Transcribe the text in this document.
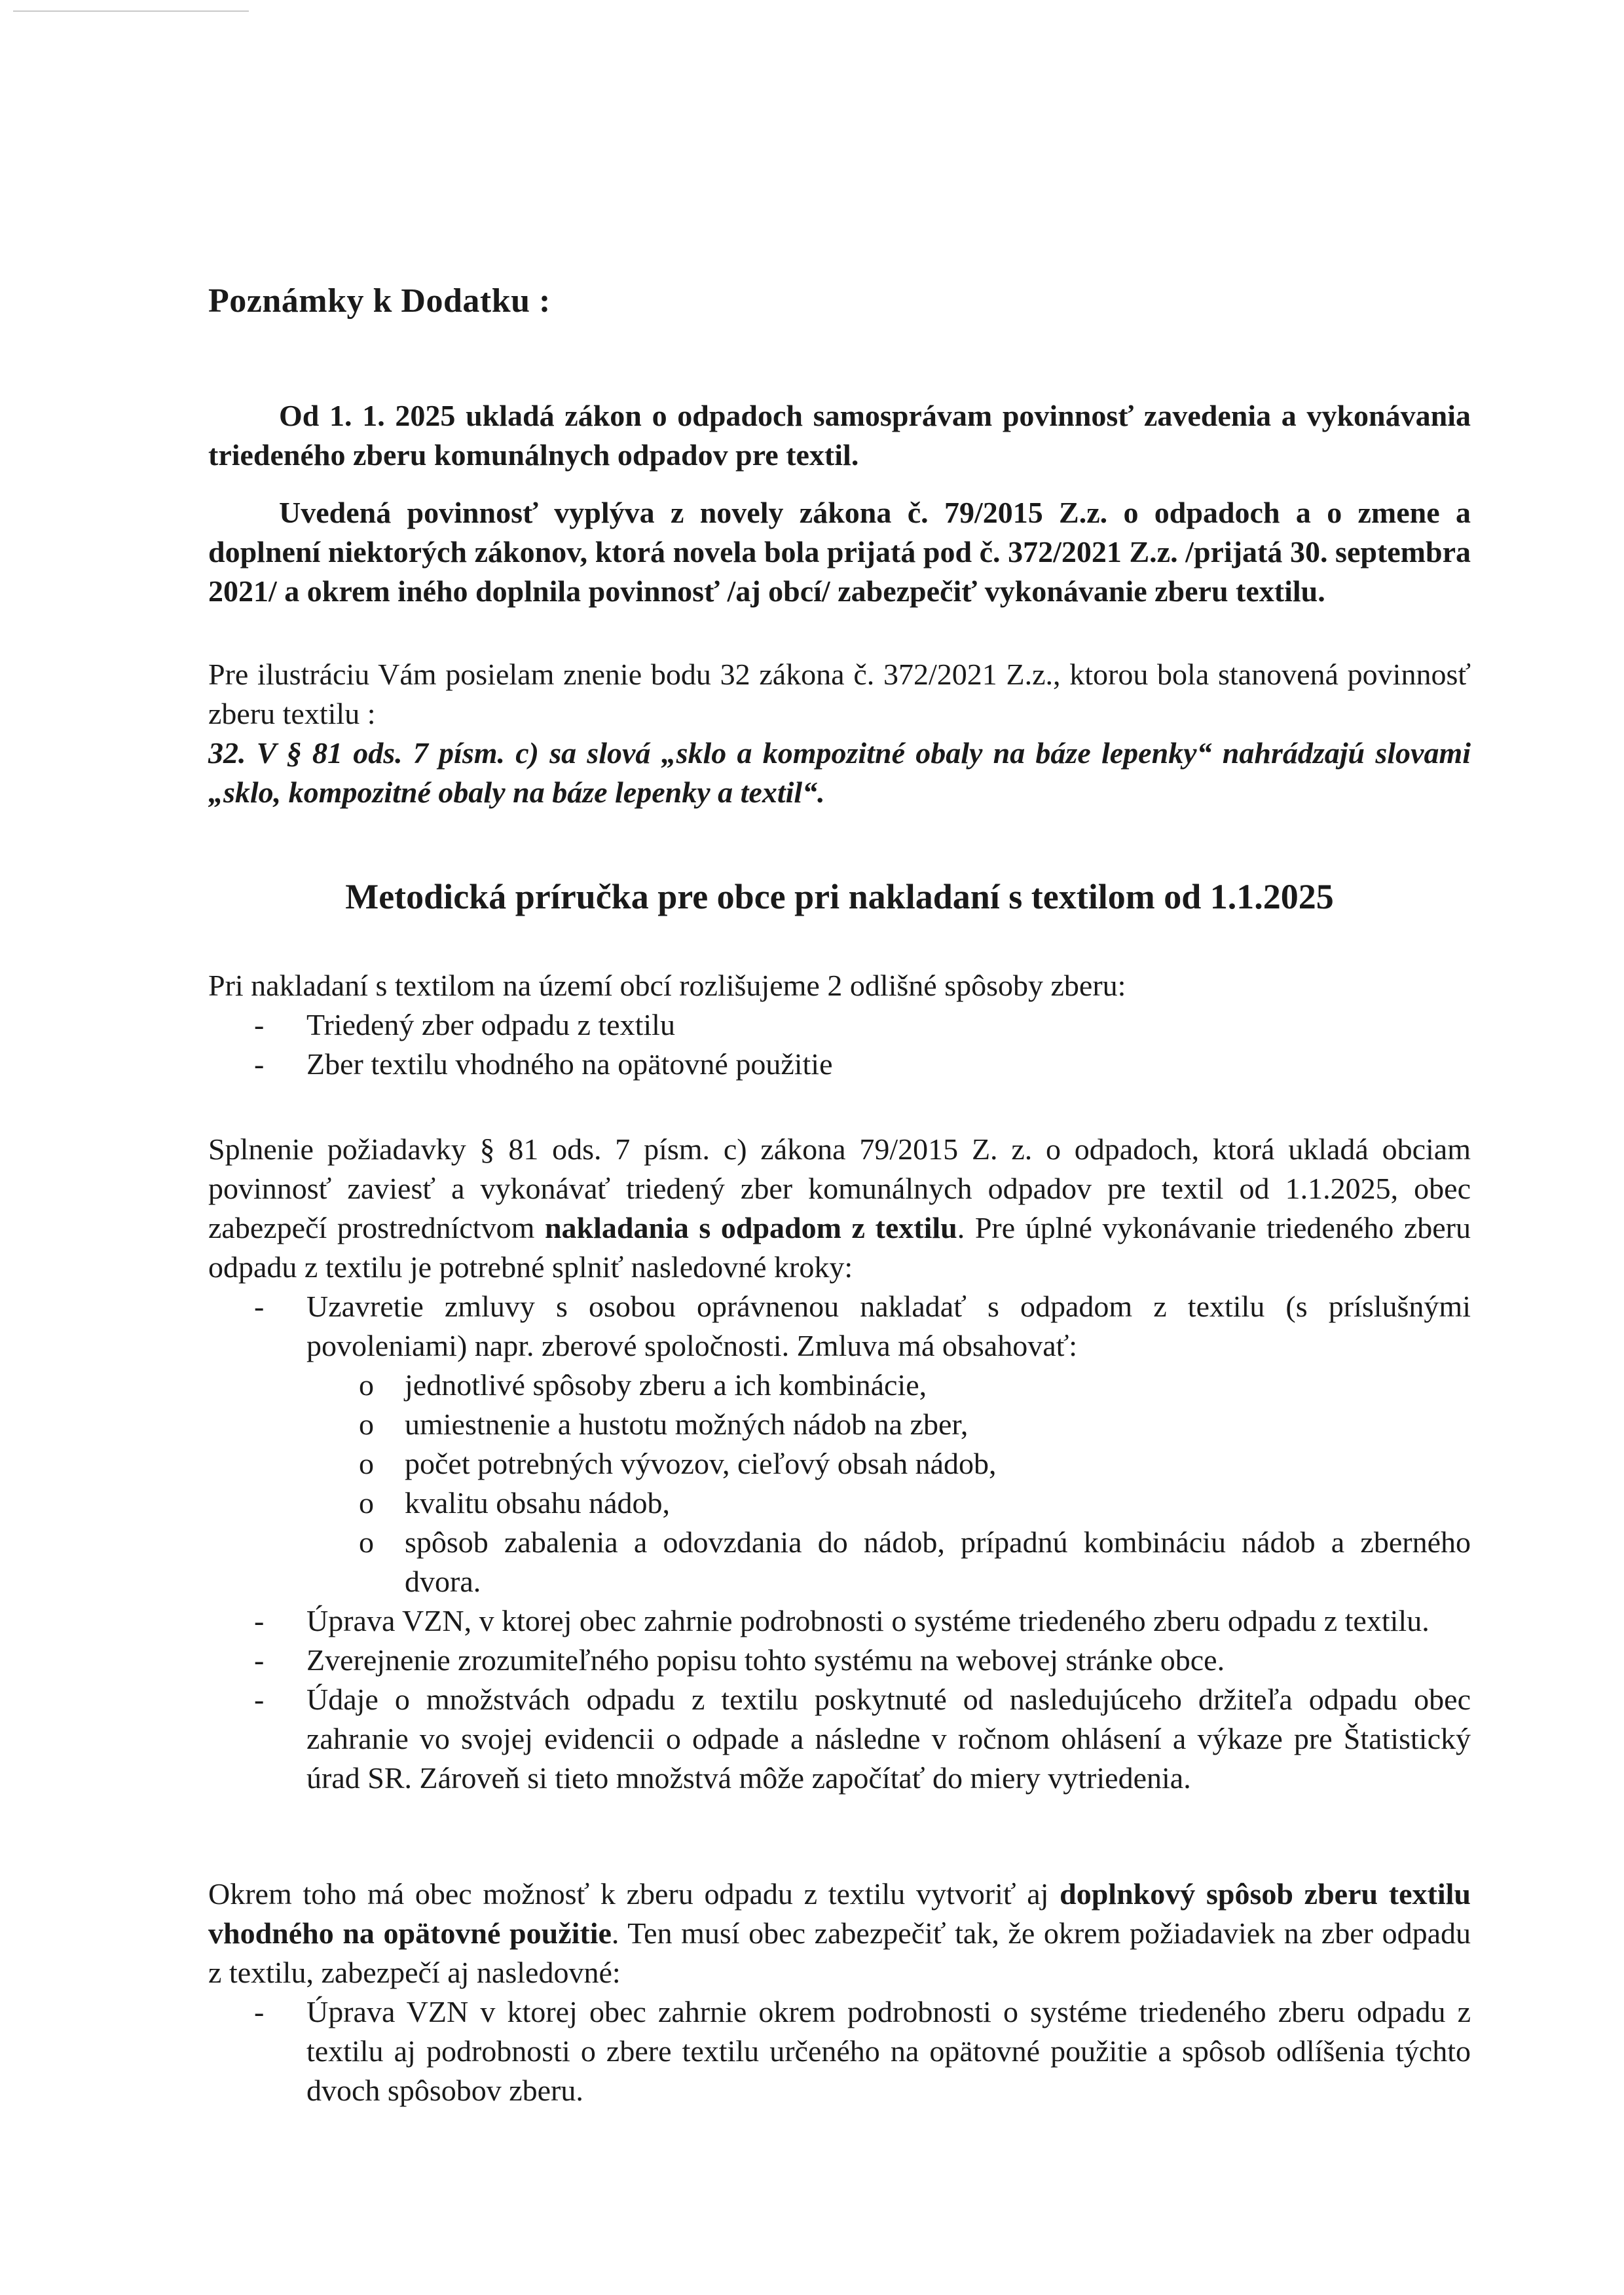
Poznámky k Dodatku :

Od 1. 1. 2025 ukladá zákon o odpadoch samosprávam povinnosť zavedenia a vykonávania triedeného zberu komunálnych odpadov pre textil.

Uvedená povinnosť vyplýva z novely zákona č. 79/2015 Z.z. o odpadoch a o zmene a doplnení niektorých zákonov, ktorá novela bola prijatá pod č. 372/2021 Z.z. /prijatá 30. septembra 2021/ a okrem iného doplnila povinnosť /aj obcí/ zabezpečiť vykonávanie zberu textilu.

Pre ilustráciu Vám posielam znenie bodu 32 zákona č. 372/2021 Z.z., ktorou bola stanovená povinnosť zberu textilu :

32. V § 81 ods. 7 písm. c) sa slová „sklo a kompozitné obaly na báze lepenky“ nahrádzajú slovami „sklo, kompozitné obaly na báze lepenky a textil“.

Metodická príručka pre obce pri nakladaní s textilom od 1.1.2025

Pri nakladaní s textilom na území obcí rozlišujeme 2 odlišné spôsoby zberu:

- Triedený zber odpadu z textilu
- Zber textilu vhodného na opätovné použitie

Splnenie požiadavky § 81 ods. 7 písm. c) zákona 79/2015 Z. z. o odpadoch, ktorá ukladá obciam povinnosť zaviesť a vykonávať triedený zber komunálnych odpadov pre textil od 1.1.2025, obec zabezpečí prostredníctvom nakladania s odpadom z textilu. Pre úplné vykonávanie triedeného zberu odpadu z textilu je potrebné splniť nasledovné kroky:

- Uzavretie zmluvy s osobou oprávnenou nakladať s odpadom z textilu (s príslušnými povoleniami) napr. zberové spoločnosti. Zmluva má obsahovať:
o jednotlivé spôsoby zberu a ich kombinácie,
o umiestnenie a hustotu možných nádob na zber,
o počet potrebných vývozov, cieľový obsah nádob,
o kvalitu obsahu nádob,
o spôsob zabalenia a odovzdania do nádob, prípadnú kombináciu nádob a zberného dvora.
- Úprava VZN, v ktorej obec zahrnie podrobnosti o systéme triedeného zberu odpadu z textilu.
- Zverejnenie zrozumiteľného popisu tohto systému na webovej stránke obce.
- Údaje o množstvách odpadu z textilu poskytnuté od nasledujúceho držiteľa odpadu obec zahranie vo svojej evidencii o odpade a následne v ročnom ohlásení a výkaze pre Štatistický úrad SR. Zároveň si tieto množstvá môže započítať do miery vytriedenia.

Okrem toho má obec možnosť k zberu odpadu z textilu vytvoriť aj doplnkový spôsob zberu textilu vhodného na opätovné použitie. Ten musí obec zabezpečiť tak, že okrem požiadaviek na zber odpadu z textilu, zabezpečí aj nasledovné:

- Úprava VZN v ktorej obec zahrnie okrem podrobnosti o systéme triedeného zberu odpadu z textilu aj podrobnosti o zbere textilu určeného na opätovné použitie a spôsob odlíšenia týchto dvoch spôsobov zberu.
